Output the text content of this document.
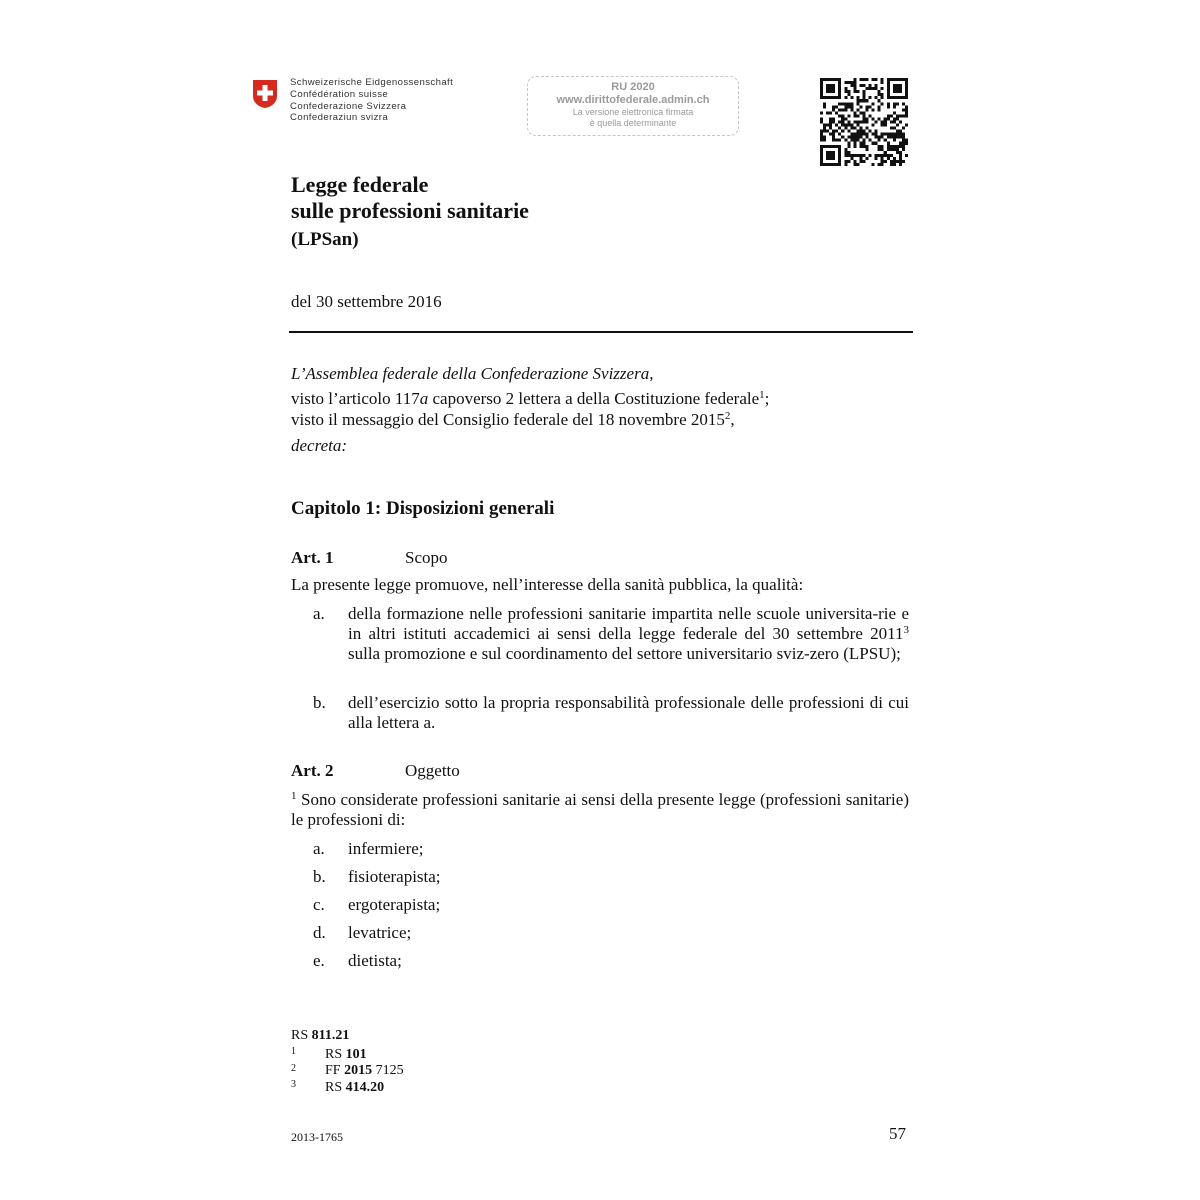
Schweizerische Eidgenossenschaft
Confédération suisse
Confederazione Svizzera
Confederaziun svizra
RU 2020
www.dirittofederale.admin.ch
La versione elettronica firmata
è quella determinante
Legge federale
sulle professioni sanitarie
(LPSan)
del 30 settembre 2016
L’Assemblea federale della Confederazione Svizzera,
visto l’articolo 117a capoverso 2 lettera a della Costituzione federale$^1$;
visto il messaggio del Consiglio federale del 18 novembre 2015$^2$,
decreta:
Capitolo 1: Disposizioni generali
Art. 1	Scopo
La presente legge promuove, nell’interesse della sanità pubblica, la qualità:
a. della formazione nelle professioni sanitarie impartita nelle scuole universita-rie e in altri istituti accademici ai sensi della legge federale del 30 settembre 2011$^3$ sulla promozione e sul coordinamento del settore universitario sviz-zero (LPSU);
b. dell’esercizio sotto la propria responsabilità professionale delle professioni di cui alla lettera a.
Art. 2	Oggetto
$^1$ Sono considerate professioni sanitarie ai sensi della presente legge (professioni sanitarie) le professioni di:
a. infermiere;
b. fisioterapista;
c. ergoterapista;
d. levatrice;
e. dietista;
RS 811.21
1 RS 101
2 FF 2015 7125
3 RS 414.20
2013-1765	57
